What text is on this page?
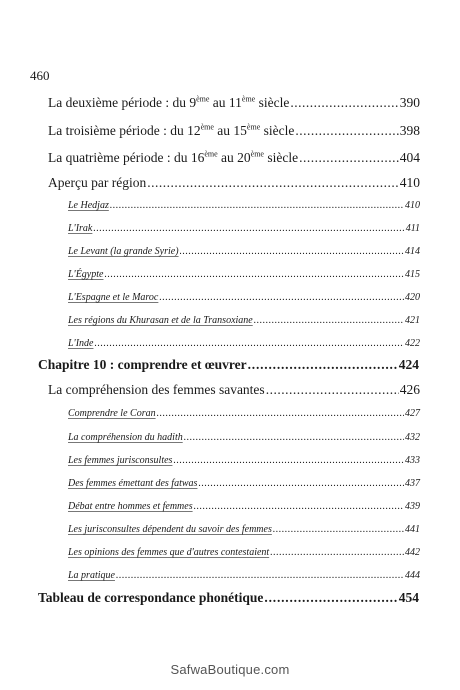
460
La deuxième période : du 9ème au 11ème siècle .....	390
La troisième période : du 12ème au 15ème siècle .....	398
La quatrième période : du 16ème au 20ème siècle .....	404
Aperçu par région .....	410
Le Hedjaz .....	410
L'Irak .....	411
Le Levant (la grande Syrie) .....	414
L'Égypte .....	415
L'Espagne et le Maroc .....	420
Les régions du Khurasan et de la Transoxiane .....	421
L'Inde .....	422
Chapitre 10 : comprendre et œuvrer .....	424
La compréhension des femmes savantes .....	426
Comprendre le Coran .....	427
La compréhension du hadith .....	432
Les femmes jurisconsultes .....	433
Des femmes émettant des fatwas .....	437
Débat entre hommes et femmes .....	439
Les jurisconsultes dépendent du savoir des femmes .....	441
Les opinions des femmes que d'autres contestaient .....	442
La pratique .....	444
Tableau de correspondance phonétique .....	454
SafwaBoutique.com
